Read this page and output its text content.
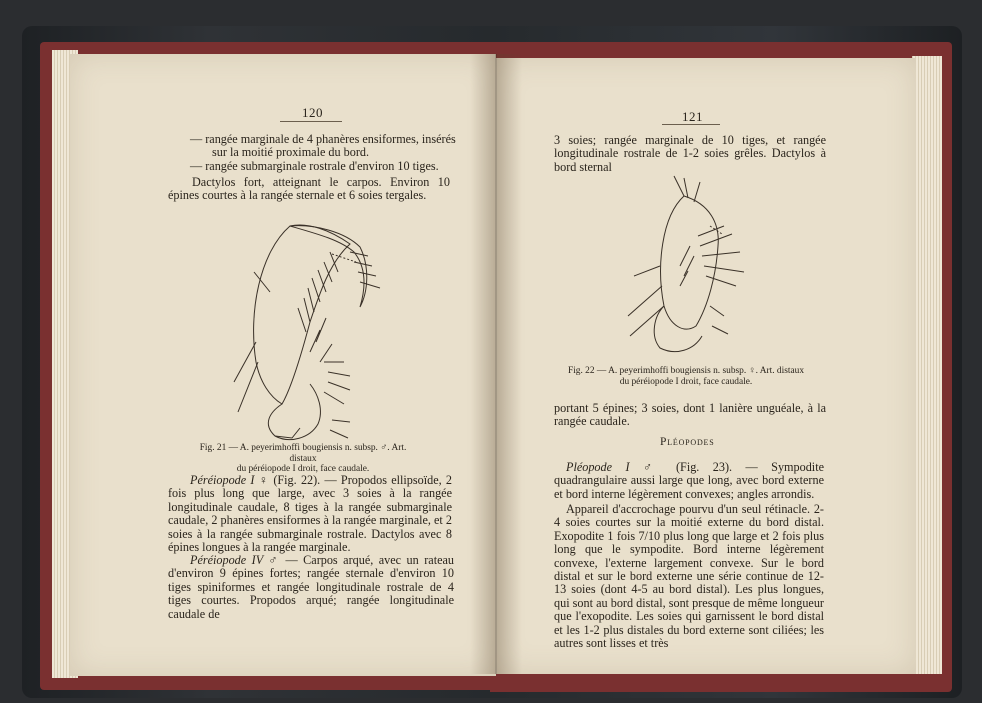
120

— rangée marginale de 4 phanères ensiformes, insérés

sur la moitié proximale du bord.

— rangée submarginale rostrale d'environ 10 tiges.

Dactylos fort, atteignant le carpos. Environ 10 épines courtes à la rangée sternale et 6 soies tergales.

Fig. 21 — A. peyerimhoffi bougiensis n. subsp. ♂. Art. distaux
du péréiopode I droit, face caudale.

Péréiopode I ♀ (Fig. 22). — Propodos ellipsoïde, 2 fois plus long que large, avec 3 soies à la rangée longitudinale caudale, 8 tiges à la rangée submarginale caudale, 2 phanères ensiformes à la rangée marginale, et 2 soies à la rangée submarginale rostrale. Dactylos avec 8 épines longues à la rangée marginale.

Péréiopode IV ♂ — Carpos arqué, avec un rateau d'environ 9 épines fortes; rangée sternale d'environ 10 tiges spiniformes et rangée longitudinale rostrale de 4 tiges courtes. Propodos arqué; rangée longitudinale caudale de

121

3 soies; rangée marginale de 10 tiges, et rangée longitudinale rostrale de 1-2 soies grêles. Dactylos à bord sternal

Fig. 22 — A. peyerimhoffi bougiensis n. subsp. ♀. Art. distaux
du péréiopode I droit, face caudale.

portant 5 épines; 3 soies, dont 1 lanière unguéale, à la rangée caudale.

Pléopodes

Pléopode I ♂ (Fig. 23). — Sympodite quadrangulaire aussi large que long, avec bord externe et bord interne légèrement convexes; angles arrondis.

Appareil d'accrochage pourvu d'un seul rétinacle. 2-4 soies courtes sur la moitié externe du bord distal. Exopodite 1 fois 7/10 plus long que large et 2 fois plus long que le sympodite. Bord interne légèrement convexe, l'externe largement convexe. Sur le bord distal et sur le bord externe une série continue de 12-13 soies (dont 4-5 au bord distal). Les plus longues, qui sont au bord distal, sont presque de même longueur que l'exopodite. Les soies qui garnissent le bord distal et les 1-2 plus distales du bord externe sont ciliées; les autres sont lisses et très
